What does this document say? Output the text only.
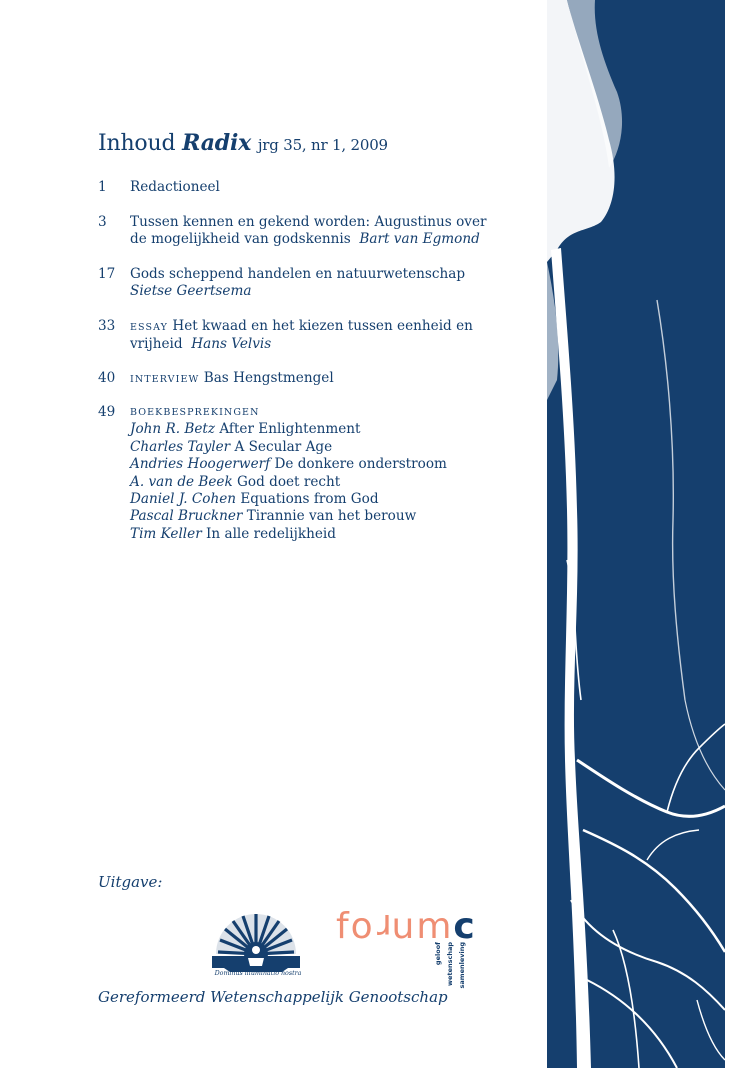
Inhoud Radix jrg 35, nr 1, 2009
1	Redactioneel
3	Tussen kennen en gekend worden: Augustinus over
de mogelijkheid van godskennis Bart van Egmond
17	Gods scheppend handelen en natuurwetenschap
Sietse Geertsema
33	ESSAY Het kwaad en het kiezen tussen eenheid en
vrijheid Hans Velvis
40	INTERVIEW Bas Hengstmengel
49	BOEKBESPREKINGEN
John R. Betz After Enlightenment
Charles Tayler A Secular Age
Andries Hoogerwerf De donkere onderstroom
A. van de Beek God doet recht
Daniel J. Cohen Equations from God
Pascal Bruckner Tirannie van het berouw
Tim Keller In alle redelijkheid
Uitgave:
Dominus illuminatio nostra
Gereformeerd Wetenschappelijk Genootschap
forumc
geloof wetenschap samenleving
